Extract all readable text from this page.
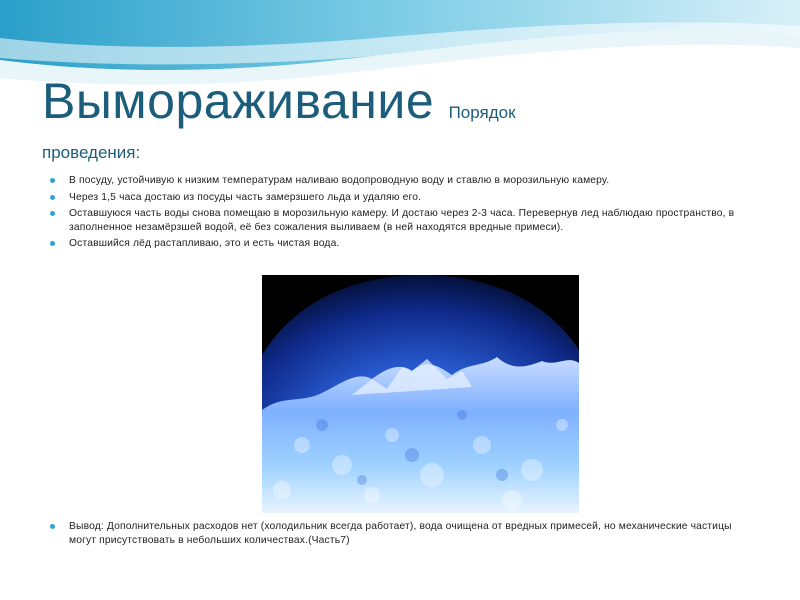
Вымораживание Порядок
проведения:
В посуду, устойчивую к низким температурам наливаю водопроводную воду и ставлю в морозильную камеру.
Через 1,5 часа достаю из посуды часть замерзшего льда и удаляю его.
Оставшуюся часть воды снова помещаю в морозильную камеру. И достаю через 2-3 часа. Перевернув лед наблюдаю пространство, в заполненное незамёрзшей водой, её без сожаления выливаем (в ней находятся вредные примеси).
Оставшийся лёд растапливаю, это и есть чистая вода.
Вывод: Дополнительных расходов нет (холодильник всегда работает), вода очищена от вредных примесей, но механические частицы могут присутствовать в небольших количествах.(Часть7)
